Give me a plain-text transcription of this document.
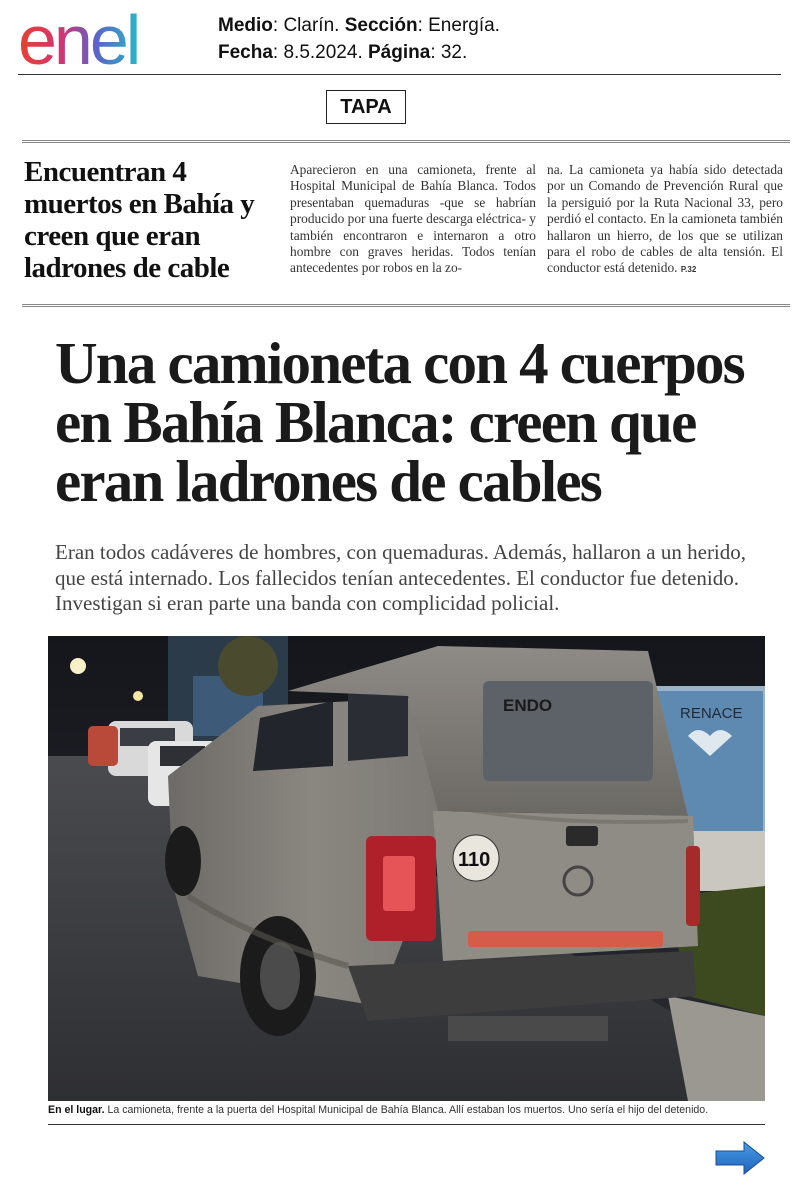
enel	Medio: Clarín. Sección: Energía.
Fecha: 8.5.2024. Página: 32.
TAPA
Encuentran 4 muertos en Bahía y creen que eran ladrones de cable
Aparecieron en una camioneta, frente al Hospital Municipal de Bahía Blanca. Todos presentaban quemaduras -que se habrían producido por una fuerte descarga eléctrica- y también encontraron e internaron a otro hombre con graves heridas. Todos tenían antecedentes por robos en la zo-
na. La camioneta ya había sido detectada por un Comando de Prevención Rural que la persiguió por la Ruta Nacional 33, pero perdió el contacto. En la camioneta también hallaron un hierro, de los que se utilizan para el robo de cables de alta tensión. El conductor está detenido. P.32
Una camioneta con 4 cuerpos en Bahía Blanca: creen que eran ladrones de cables
Eran todos cadáveres de hombres, con quemaduras. Además, hallaron a un herido, que está internado. Los fallecidos tenían antecedentes. El conductor fue detenido. Investigan si eran parte una banda con complicidad policial.
RENACE
ENDO
110
En el lugar. La camioneta, frente a la puerta del Hospital Municipal de Bahía Blanca. Allí estaban los muertos. Uno sería el hijo del detenido.
